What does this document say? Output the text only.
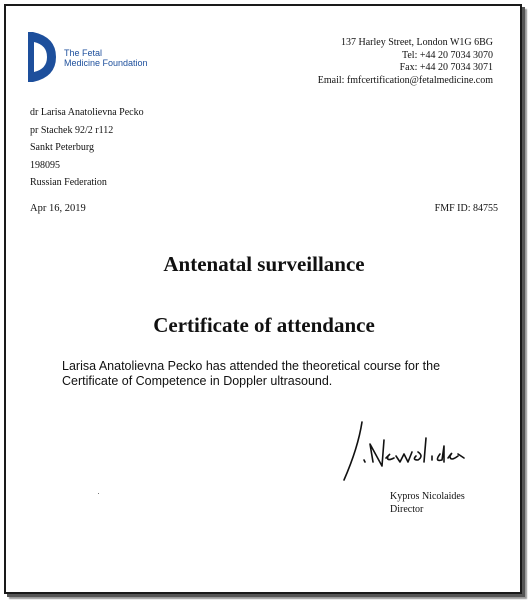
The Fetal
Medicine Foundation
137 Harley Street, London W1G 6BG
Tel: +44 20 7034 3070
Fax: +44 20 7034 3071
Email: fmfcertification@fetalmedicine.com
dr Larisa Anatolievna Pecko
pr Stachek 92/2 r112
Sankt Peterburg
198095
Russian Federation
Apr 16, 2019	FMF ID: 84755
Antenatal surveillance
Certificate of attendance
Larisa Anatolievna Pecko has attended the theoretical course for the
Certificate of Competence in Doppler ultrasound.
Kypros Nicolaides
Director
